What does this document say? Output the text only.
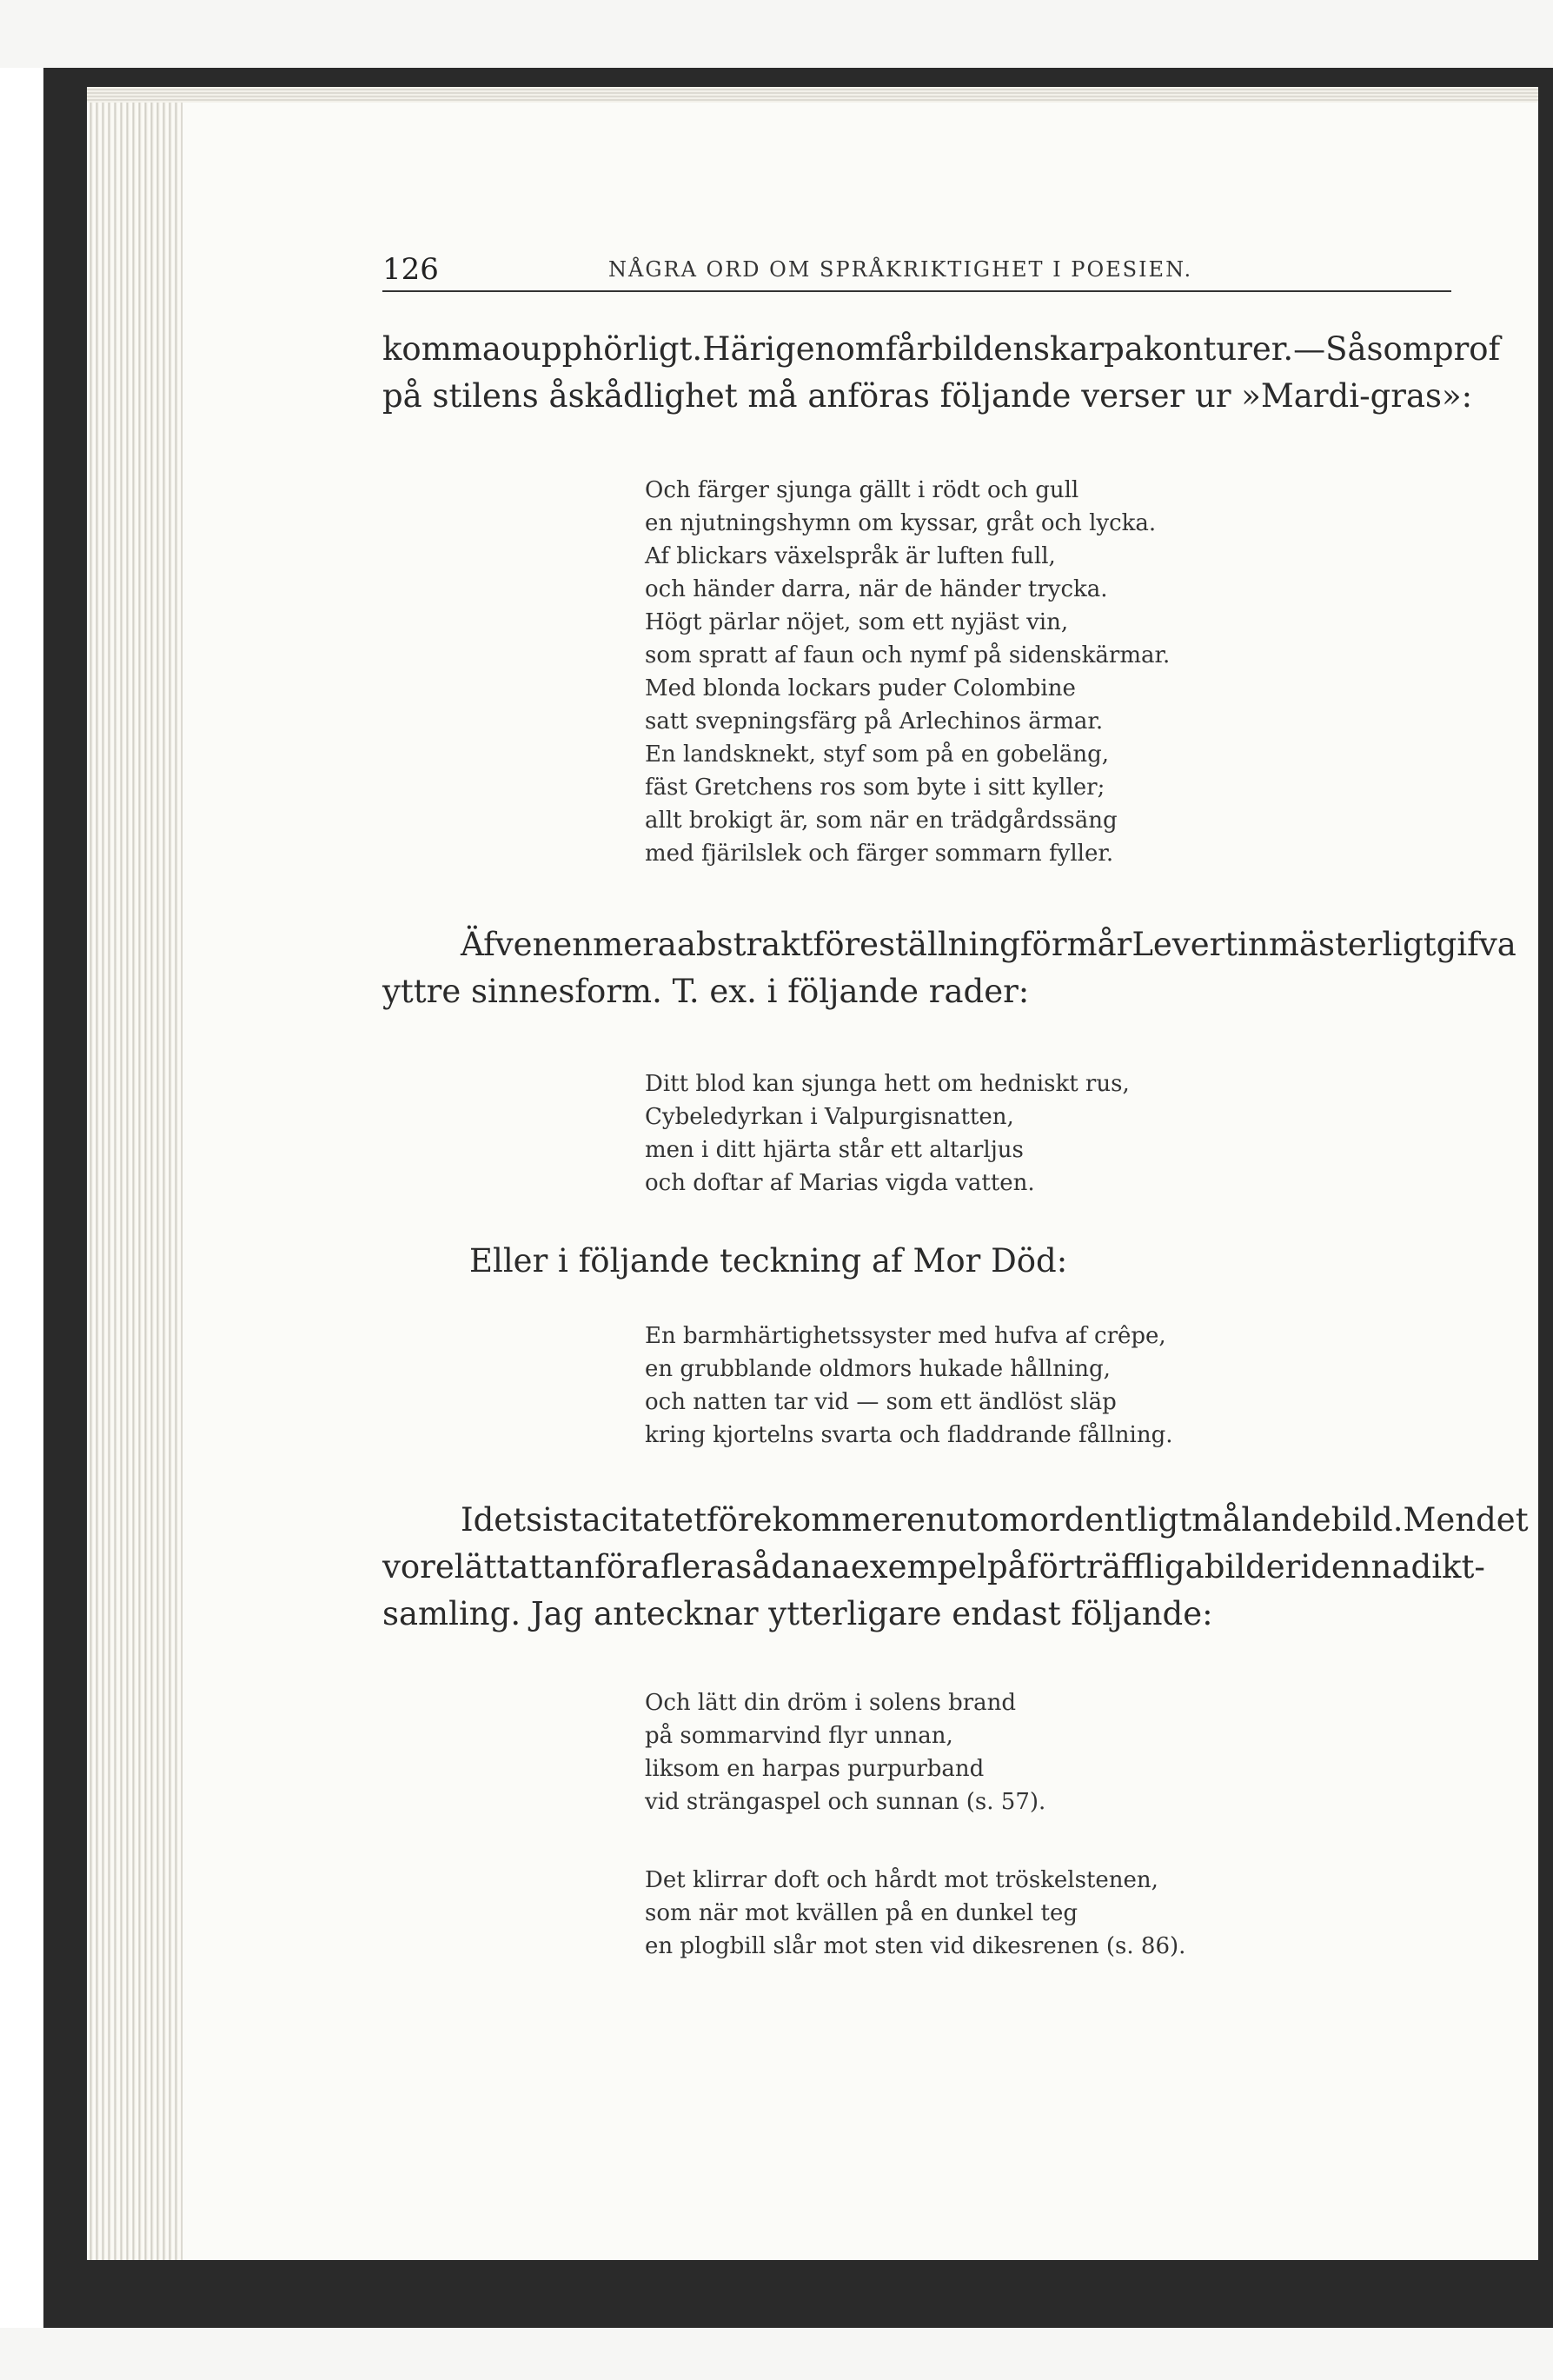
126	NÅGRA ORD OM SPRÅKRIKTIGHET I POESIEN.

komma oupphörligt. Härigenom får bilden skarpa konturer. — Såsom prof

på stilens åskådlighet må anföras följande verser ur »Mardi-gras»:

Och färger sjunga gällt i rödt och gull
en njutningshymn om kyssar, gråt och lycka.
Af blickars växelspråk är luften full,
och händer darra, när de händer trycka.
Högt pärlar nöjet, som ett nyjäst vin,
som spratt af faun och nymf på sidenskärmar.
Med blonda lockars puder Colombine
satt svepningsfärg på Arlechinos ärmar.
En landsknekt, styf som på en gobeläng,
fäst Gretchens ros som byte i sitt kyller;
allt brokigt är, som när en trädgårdssäng
med fjärilslek och färger sommarn fyller.

Äfven en mera abstrakt föreställning förmår Levertin mästerligt gifva

yttre sinnesform. T. ex. i följande rader:

Ditt blod kan sjunga hett om hedniskt rus,
Cybeledyrkan i Valpurgisnatten,
men i ditt hjärta står ett altarljus
och doftar af Marias vigda vatten.

Eller i följande teckning af Mor Död:

En barmhärtighetssyster med hufva af crêpe,
en grubblande oldmors hukade hållning,
och natten tar vid — som ett ändlöst släp
kring kjortelns svarta och fladdrande fållning.

I det sista citatet förekommer en utomordentligt målande bild. Men det

vore lätt att anföra flera sådana exempel på förträffliga bilder i denna dikt-

samling. Jag antecknar ytterligare endast följande:

Och lätt din dröm i solens brand
på sommarvind flyr unnan,
liksom en harpas purpurband
vid strängaspel och sunnan (s. 57).
Det klirrar doft och hårdt mot tröskelstenen,
som när mot kvällen på en dunkel teg
en plogbill slår mot sten vid dikesrenen (s. 86).
